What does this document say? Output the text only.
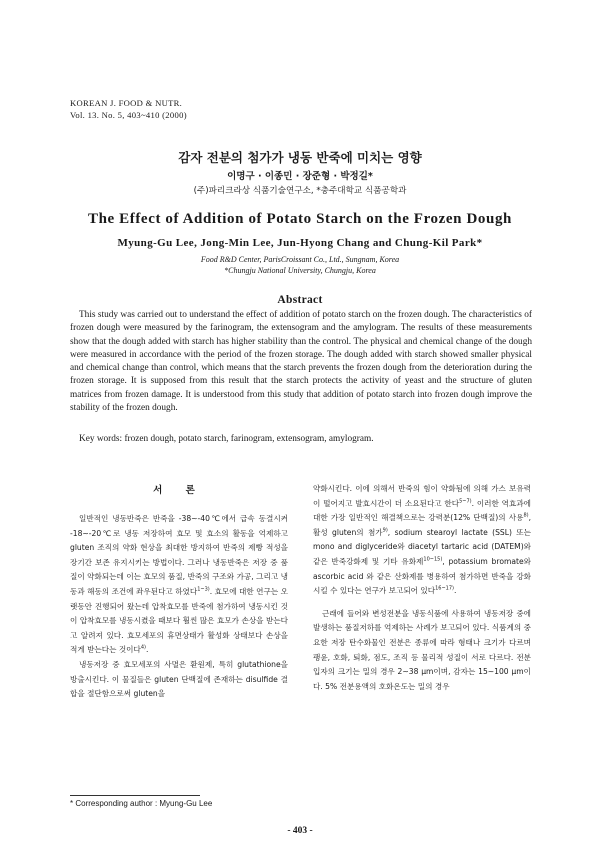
KOREAN J. FOOD & NUTR.
Vol. 13. No. 5, 403~410 (2000)
감자 전분의 첨가가 냉동 반죽에 미치는 영향
이명구 · 이종민 · 장준형 · 박정길*
(주)파리크라상 식품기술연구소, *충주대학교 식품공학과
The Effect of Addition of Potato Starch on the Frozen Dough
Myung-Gu Lee, Jong-Min Lee, Jun-Hyong Chang and Chung-Kil Park*
Food R&D Center, ParisCroissant Co., Ltd., Sungnam, Korea
*Chungju National University, Chungju, Korea
Abstract

This study was carried out to understand the effect of addition of potato starch on the frozen dough. The characteristics of frozen dough were measured by the farinogram, the extensogram and the amylogram. The results of these measurements show that the dough added with starch has higher stability than the control. The physical and chemical change of the dough were measured in accordance with the period of the frozen storage. The dough added with starch showed smaller physical and chemical change than control, which means that the starch prevents the frozen dough from the deterioration during the frozen storage. It is supposed from this result that the starch protects the activity of yeast and the structure of gluten matrices from frozen damage. It is understood from this study that addition of potato starch into frozen dough improve the stability of the frozen dough.

Key words: frozen dough, potato starch, farinogram, extensogram, amylogram.
서 론

일반적인 냉동반죽은 반죽을 -38~-40℃에서 급속 동결시켜 -18~-20℃로 냉동 저장하여 효모 및 효소의 활동을 억제하고 gluten 조직의 약화 현상을 최대한 방지하여 반죽의 제빵 적성을 장기간 보존 유지시키는 방법이다. 그러나 냉동반죽은 저장 중 품질이 약화되는데 이는 효모의 품질, 반죽의 구조와 가공, 그리고 냉동과 해동의 조건에 좌우된다고 하였다$^{1\sim 3)}$. 효모에 대한 연구는 오랫동안 진행되어 왔는데 압착효모를 반죽에 첨가하여 냉동시킨 것이 압착효모를 냉동시켰을 때보다 훨씬 많은 효모가 손상을 받는다고 알려져 있다. 효모세포의 휴면상태가 활성화 상태보다 손상을 적게 받는다는 것이다$^{4)}$.

냉동저장 중 효모세포의 사멸은 환원제, 특히 glutathione을 방출시킨다. 이 물질들은 gluten 단백질에 존재하는 disulfide 결합을 절단함으로써 gluten을

약화시킨다. 이에 의해서 반죽의 힘이 약화됨에 의해 가스 보유력이 떨어지고 발효시간이 더 소요된다고 한다$^{5\sim 7)}$. 이러한 역효과에 대한 가장 일반적인 해결책으로는 강력분(12% 단백질)의 사용$^{8)}$, 활성 gluten의 첨가$^{9)}$, sodium stearoyl lactate (SSL) 또는 mono and diglyceride와 diacetyl tartaric acid (DATEM)와 같은 반죽강화제 및 기타 유화제$^{10\sim 15)}$, potassium bromate와 ascorbic acid 와 같은 산화제를 병용하여 첨가하면 반죽을 강화시킬 수 있다는 연구가 보고되어 있다$^{16\sim 17)}$.

근래에 들어와 변성전분을 냉동식품에 사용하여 냉동저장 중에 발생하는 품질저하를 억제하는 사례가 보고되어 있다. 식품계의 중요한 저장 탄수화물인 전분은 종류에 따라 형태나 크기가 다르며 팽윤, 호화, 퇴화, 점도, 조직 등 물리적 성질이 서로 다르다. 전분입자의 크기는 밀의 경우 2~38 μm이며, 감자는 15~100 μm이다. 5% 전분용액의 호화온도는 밀의 경우

* Corresponding author : Myung-Gu Lee
- 403 -
